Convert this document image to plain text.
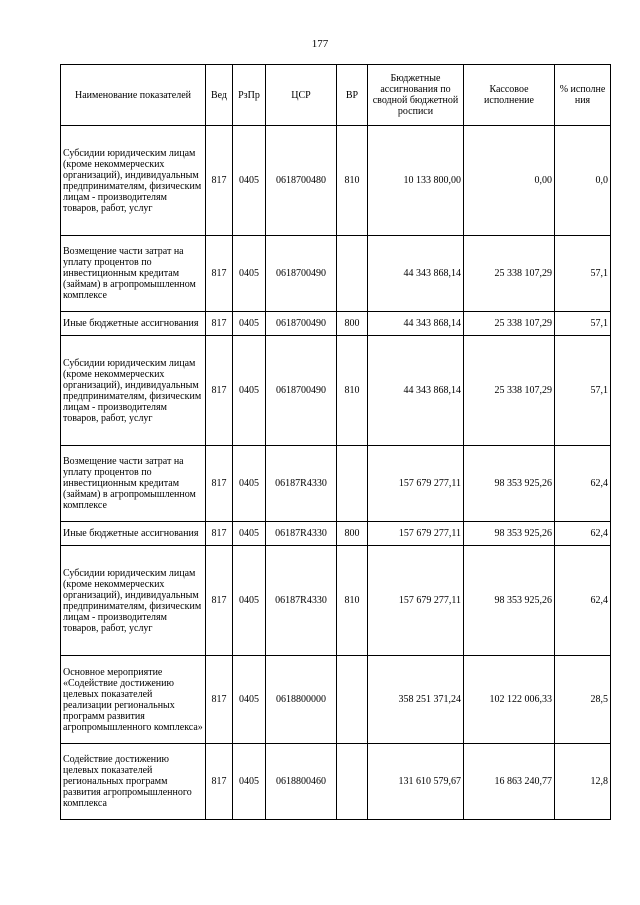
177
Наименование показателей	Вед	РзПр	ЦСР	ВР	Бюджетные ассигнования по сводной бюджетной росписи	Кассовое исполнение	% исполне ния
Субсидии юридическим лицам (кроме некоммерческих организаций), индивидуальным предпринимателям, физическим лицам - производителям товаров, работ, услуг	817	0405	0618700480	810	10 133 800,00	0,00	0,0
Возмещение части затрат на уплату процентов по инвестиционным кредитам (займам) в агропромышленном комплексе	817	0405	0618700490		44 343 868,14	25 338 107,29	57,1
Иные бюджетные ассигнования	817	0405	0618700490	800	44 343 868,14	25 338 107,29	57,1
Субсидии юридическим лицам (кроме некоммерческих организаций), индивидуальным предпринимателям, физическим лицам - производителям товаров, работ, услуг	817	0405	0618700490	810	44 343 868,14	25 338 107,29	57,1
Возмещение части затрат на уплату процентов по инвестиционным кредитам (займам) в агропромышленном комплексе	817	0405	06187R4330		157 679 277,11	98 353 925,26	62,4
Иные бюджетные ассигнования	817	0405	06187R4330	800	157 679 277,11	98 353 925,26	62,4
Субсидии юридическим лицам (кроме некоммерческих организаций), индивидуальным предпринимателям, физическим лицам - производителям товаров, работ, услуг	817	0405	06187R4330	810	157 679 277,11	98 353 925,26	62,4
Основное мероприятие «Содействие достижению целевых показателей реализации региональных программ развития агропромышленного комплекса»	817	0405	0618800000		358 251 371,24	102 122 006,33	28,5
Содействие достижению целевых показателей региональных программ развития агропромышленного комплекса	817	0405	0618800460		131 610 579,67	16 863 240,77	12,8
